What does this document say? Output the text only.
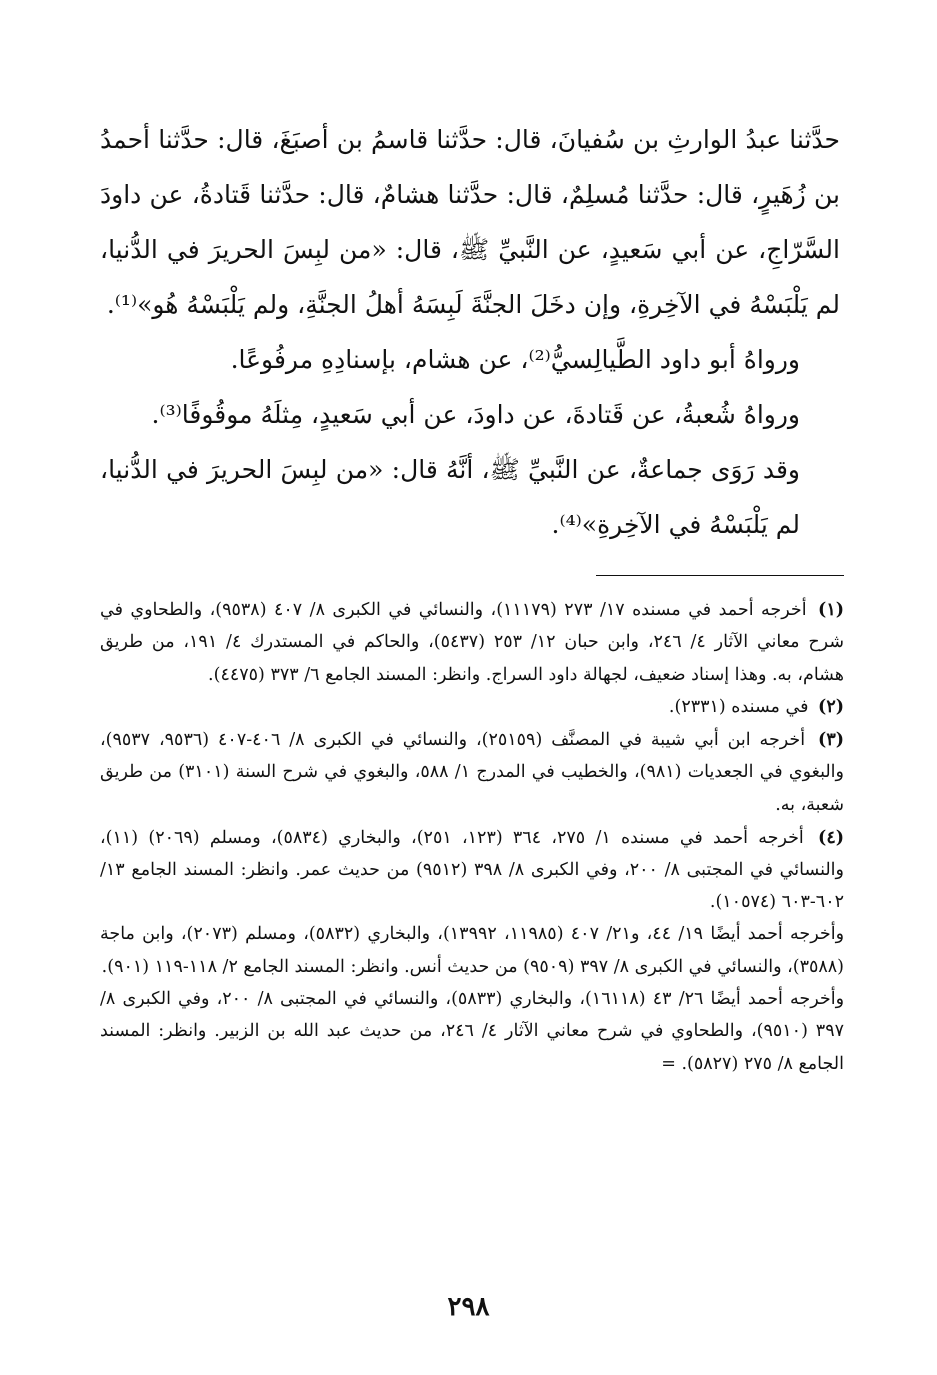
حدَّثنا عبدُ الوارثِ بن سُفيانَ، قال: حدَّثنا قاسمُ بن أصبَغَ، قال: حدَّثنا أحمدُ بن زُهَيرٍ، قال: حدَّثنا مُسلِمٌ، قال: حدَّثنا هشامٌ، قال: حدَّثنا قَتادةُ، عن داودَ السَّرّاجِ، عن أبي سَعيدٍ، عن النَّبيِّ ﷺ، قال: «من لبِسَ الحريرَ في الدُّنيا، لم يَلْبَسْهُ في الآخِرةِ، وإن دخَلَ الجنَّةَ لَبِسَهُ أهلُ الجنَّةِ، ولم يَلْبَسْهُ هُو»⁽¹⁾.

ورواهُ أبو داود الطَّيالِسيُّ⁽²⁾، عن هشام، بإسنادِهِ مرفُوعًا.

ورواهُ شُعبةُ، عن قَتادةَ، عن داودَ، عن أبي سَعيدٍ، مِثلَهُ موقُوفًا⁽³⁾.

وقد رَوَى جماعةٌ، عن النَّبيِّ ﷺ، أنَّهُ قال: «من لبِسَ الحريرَ في الدُّنيا، لم يَلْبَسْهُ في الآخِرةِ»⁽⁴⁾.

(١) أخرجه أحمد في مسنده ١٧/ ٢٧٣ (١١١٧٩)، والنسائي في الكبرى ٨/ ٤٠٧ (٩٥٣٨)، والطحاوي في شرح معاني الآثار ٤/ ٢٤٦، وابن حبان ١٢/ ٢٥٣ (٥٤٣٧)، والحاكم في المستدرك ٤/ ١٩١، من طريق هشام، به. وهذا إسناد ضعيف، لجهالة داود السراج. وانظر: المسند الجامع ٦/ ٣٧٣ (٤٤٧٥).
(٢) في مسنده (٢٣٣١).
(٣) أخرجه ابن أبي شيبة في المصنَّف (٢٥١٥٩)، والنسائي في الكبرى ٨/ ٤٠٦-٤٠٧ (٩٥٣٦، ٩٥٣٧)، والبغوي في الجعديات (٩٨١)، والخطيب في المدرج ١/ ٥٨٨، والبغوي في شرح السنة (٣١٠١) من طريق شعبة، به.
(٤) أخرجه أحمد في مسنده ١/ ٢٧٥، ٣٦٤ (١٢٣، ٢٥١)، والبخاري (٥٨٣٤)، ومسلم (٢٠٦٩) (١١)، والنسائي في المجتبى ٨/ ٢٠٠، وفي الكبرى ٨/ ٣٩٨ (٩٥١٢) من حديث عمر. وانظر: المسند الجامع ١٣/ ٦٠٢-٦٠٣ (١٠٥٧٤).
وأخرجه أحمد أيضًا ١٩/ ٤٤، و٢١/ ٤٠٧ (١١٩٨٥، ١٣٩٩٢)، والبخاري (٥٨٣٢)، ومسلم (٢٠٧٣)، وابن ماجة (٣٥٨٨)، والنسائي في الكبرى ٨/ ٣٩٧ (٩٥٠٩) من حديث أنس. وانظر: المسند الجامع ٢/ ١١٨-١١٩ (٩٠١).
وأخرجه أحمد أيضًا ٢٦/ ٤٣ (١٦١١٨)، والبخاري (٥٨٣٣)، والنسائي في المجتبى ٨/ ٢٠٠، وفي الكبرى ٨/ ٣٩٧ (٩٥١٠)، والطحاوي في شرح معاني الآثار ٤/ ٢٤٦، من حديث عبد الله بن الزبير. وانظر: المسند الجامع ٨/ ٢٧٥ (٥٨٢٧). =
٢٩٨
